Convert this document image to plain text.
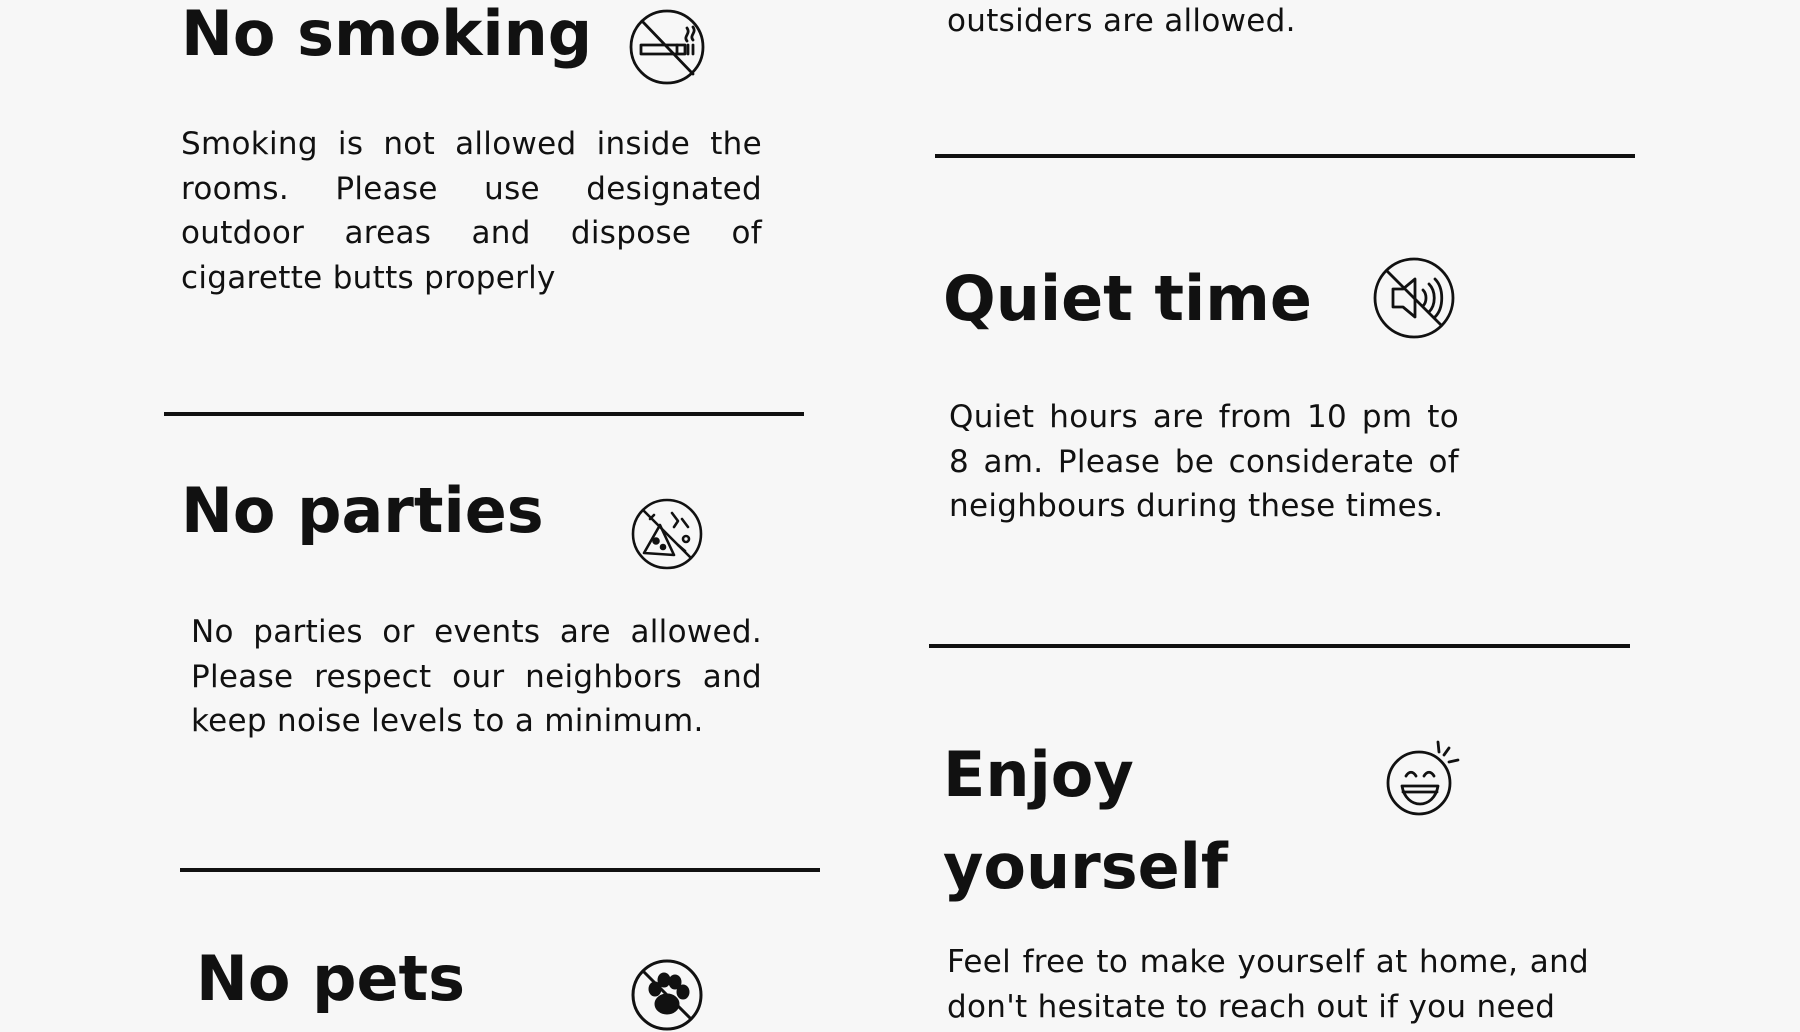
No smoking

Smoking is not allowed inside the rooms. Please use designated outdoor areas and dispose of cigarette butts properly

No parties

No parties or events are allowed. Please respect our neighbors and keep noise levels to a minimum.

No pets

outsiders are allowed.

Quiet time

Quiet hours are from 10 pm to 8 am. Please be considerate of neighbours during these times.

Enjoy yourself

Feel free to make yourself at home, and don't hesitate to reach out if you need
